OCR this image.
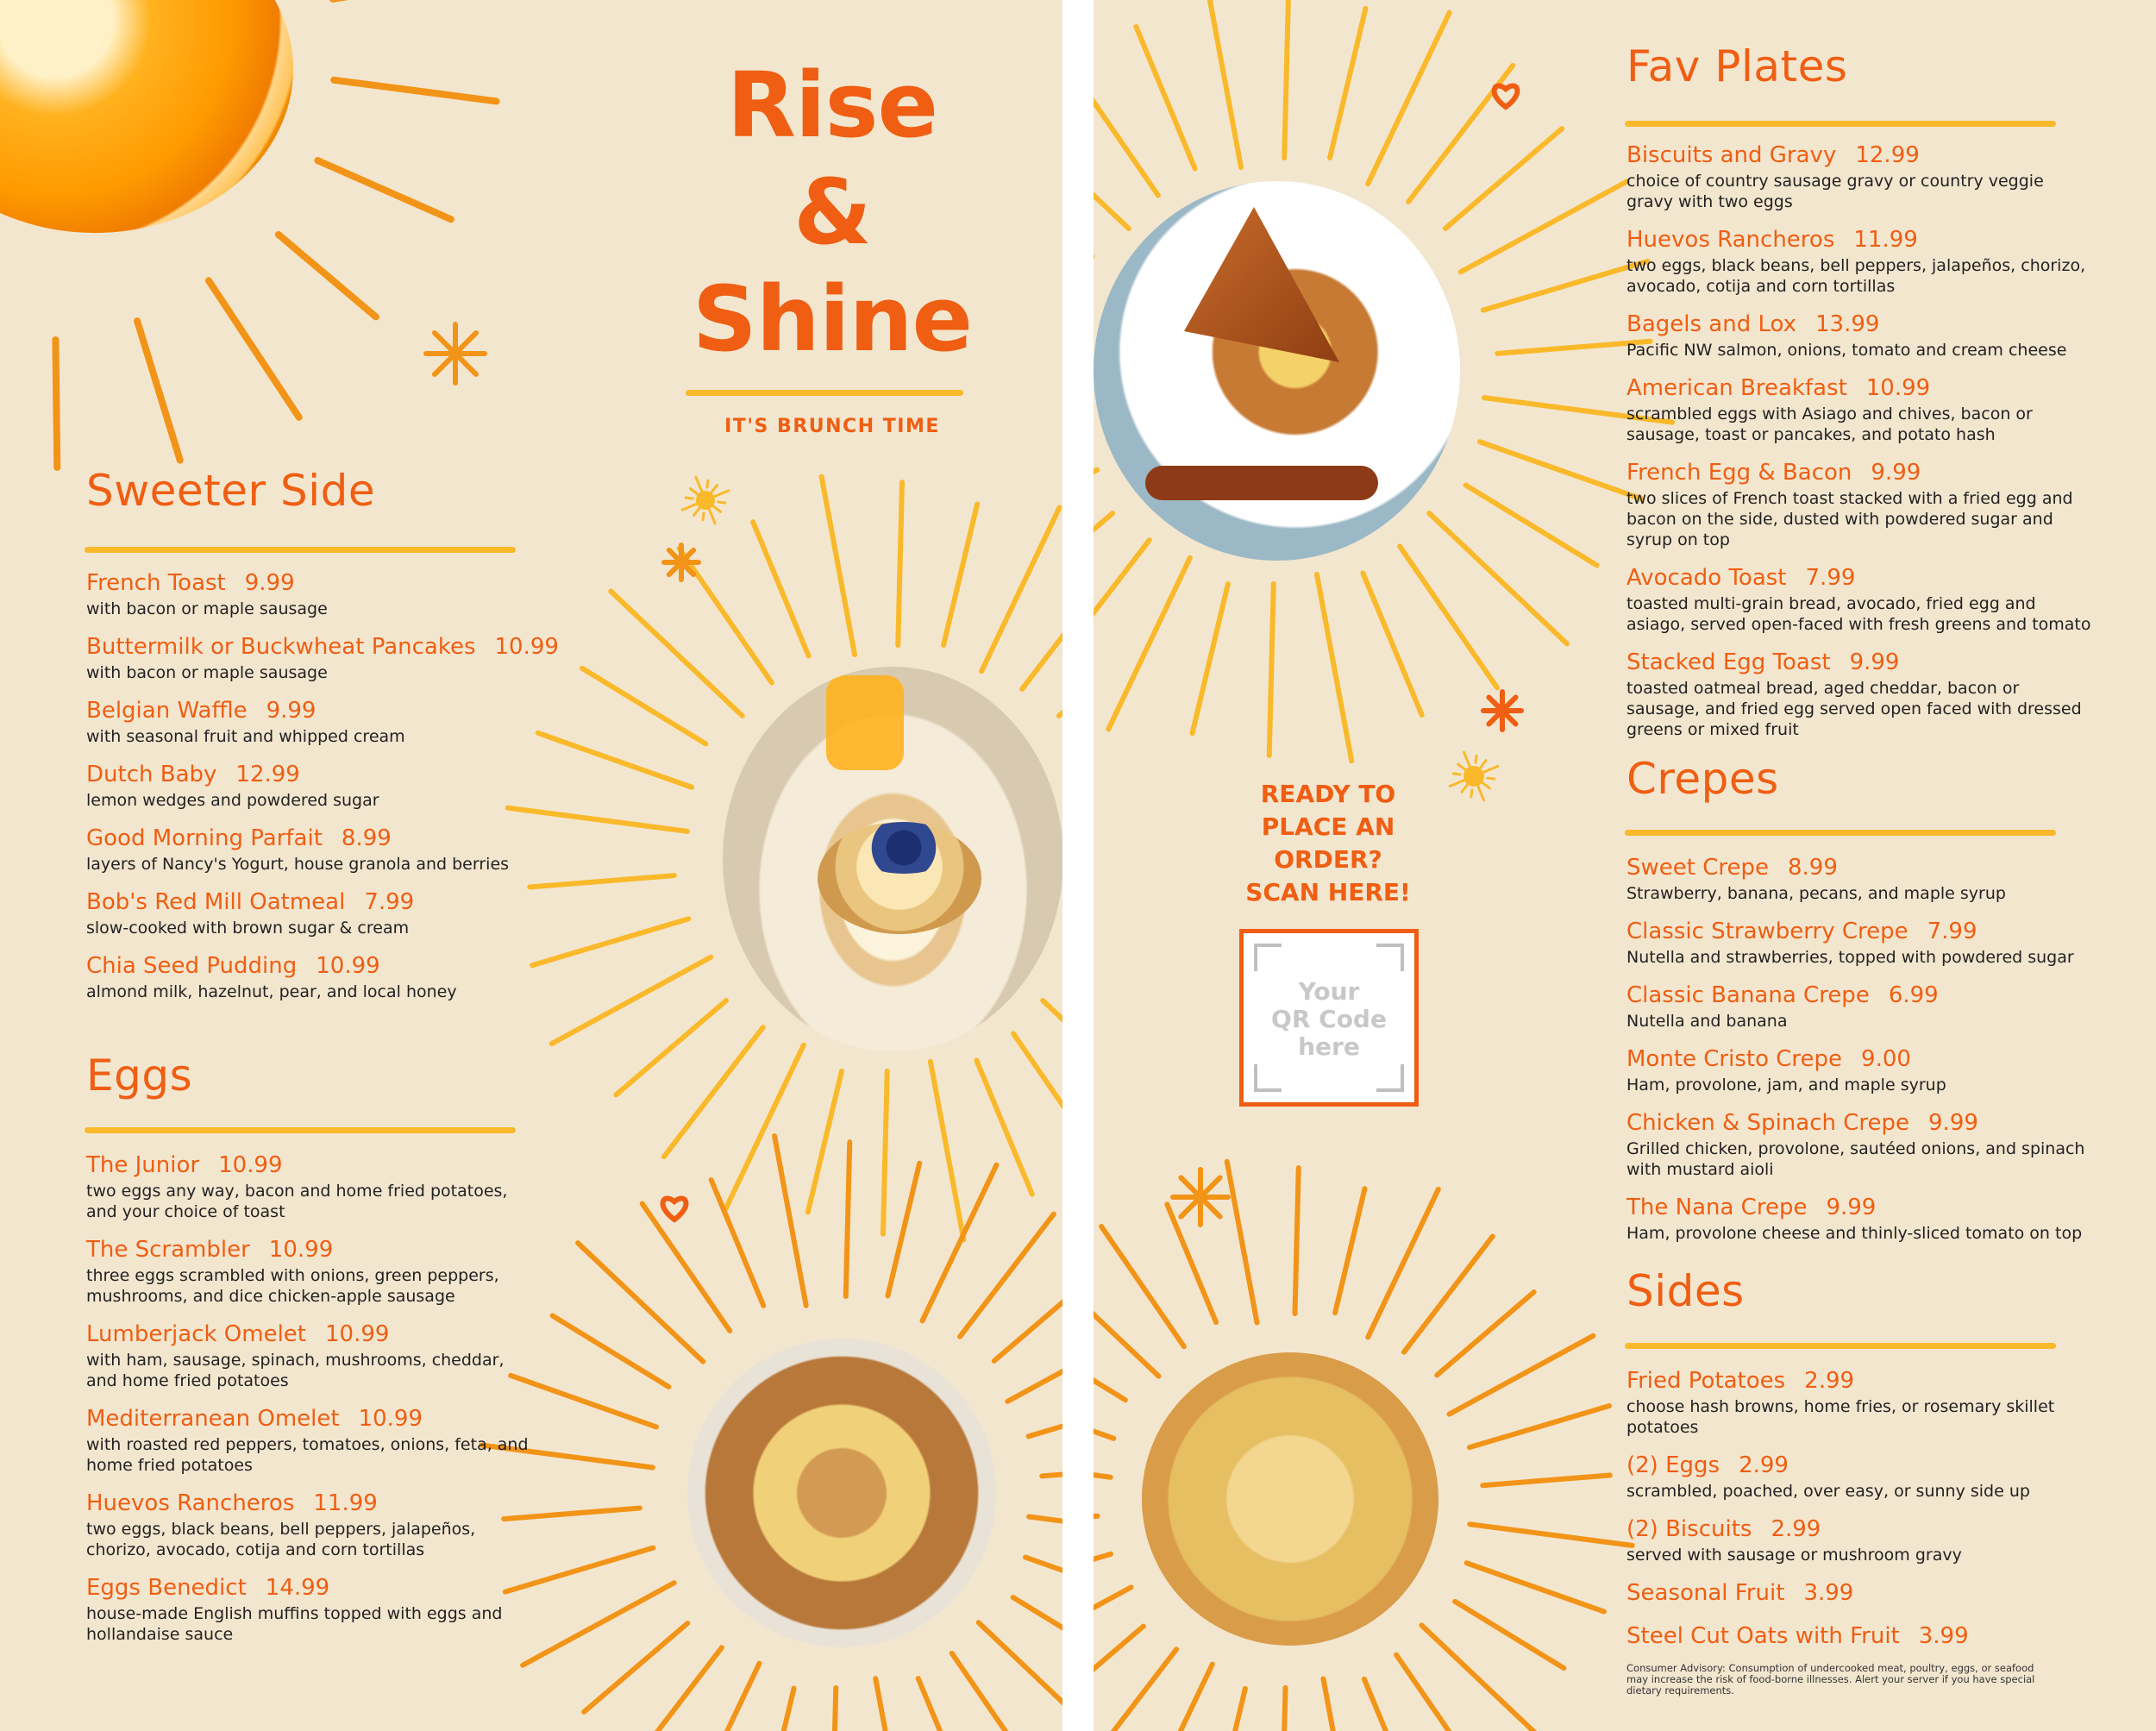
Rise
&
Shine
IT'S BRUNCH TIME
Sweeter Side
French Toast 9.99
with bacon or maple sausage
Buttermilk or Buckwheat Pancakes 10.99
with bacon or maple sausage
Belgian Waffle 9.99
with seasonal fruit and whipped cream
Dutch Baby 12.99
lemon wedges and powdered sugar
Good Morning Parfait 8.99
layers of Nancy's Yogurt, house granola and berries
Bob's Red Mill Oatmeal 7.99
slow-cooked with brown sugar & cream
Chia Seed Pudding 10.99
almond milk, hazelnut, pear, and local honey
Eggs
The Junior 10.99
two eggs any way, bacon and home fried potatoes, and your choice of toast
The Scrambler 10.99
three eggs scrambled with onions, green peppers, mushrooms, and dice chicken-apple sausage
Lumberjack Omelet 10.99
with ham, sausage, spinach, mushrooms, cheddar, and home fried potatoes
Mediterranean Omelet 10.99
with roasted red peppers, tomatoes, onions, feta, and home fried potatoes
Huevos Rancheros 11.99
two eggs, black beans, bell peppers, jalapeños, chorizo, avocado, cotija and corn tortillas
Eggs Benedict 14.99
house-made English muffins topped with eggs and hollandaise sauce
READY TO
PLACE AN
ORDER?
SCAN HERE!
Your
QR Code
here
Fav Plates
Biscuits and Gravy 12.99
choice of country sausage gravy or country veggie gravy with two eggs
Huevos Rancheros 11.99
two eggs, black beans, bell peppers, jalapeños, chorizo, avocado, cotija and corn tortillas
Bagels and Lox 13.99
Pacific NW salmon, onions, tomato and cream cheese
American Breakfast 10.99
scrambled eggs with Asiago and chives, bacon or sausage, toast or pancakes, and potato hash
French Egg & Bacon 9.99
two slices of French toast stacked with a fried egg and bacon on the side, dusted with powdered sugar and syrup on top
Avocado Toast 7.99
toasted multi-grain bread, avocado, fried egg and asiago, served open-faced with fresh greens and tomato
Stacked Egg Toast 9.99
toasted oatmeal bread, aged cheddar, bacon or sausage, and fried egg served open faced with dressed greens or mixed fruit
Crepes
Sweet Crepe 8.99
Strawberry, banana, pecans, and maple syrup
Classic Strawberry Crepe 7.99
Nutella and strawberries, topped with powdered sugar
Classic Banana Crepe 6.99
Nutella and banana
Monte Cristo Crepe 9.00
Ham, provolone, jam, and maple syrup
Chicken & Spinach Crepe 9.99
Grilled chicken, provolone, sautéed onions, and spinach with mustard aioli
The Nana Crepe 9.99
Ham, provolone cheese and thinly-sliced tomato on top
Sides
Fried Potatoes 2.99
choose hash browns, home fries, or rosemary skillet potatoes
(2) Eggs 2.99
scrambled, poached, over easy, or sunny side up
(2) Biscuits 2.99
served with sausage or mushroom gravy
Seasonal Fruit 3.99
Steel Cut Oats with Fruit 3.99
Consumer Advisory: Consumption of undercooked meat, poultry, eggs, or seafood may increase the risk of food-borne illnesses. Alert your server if you have special dietary requirements.
